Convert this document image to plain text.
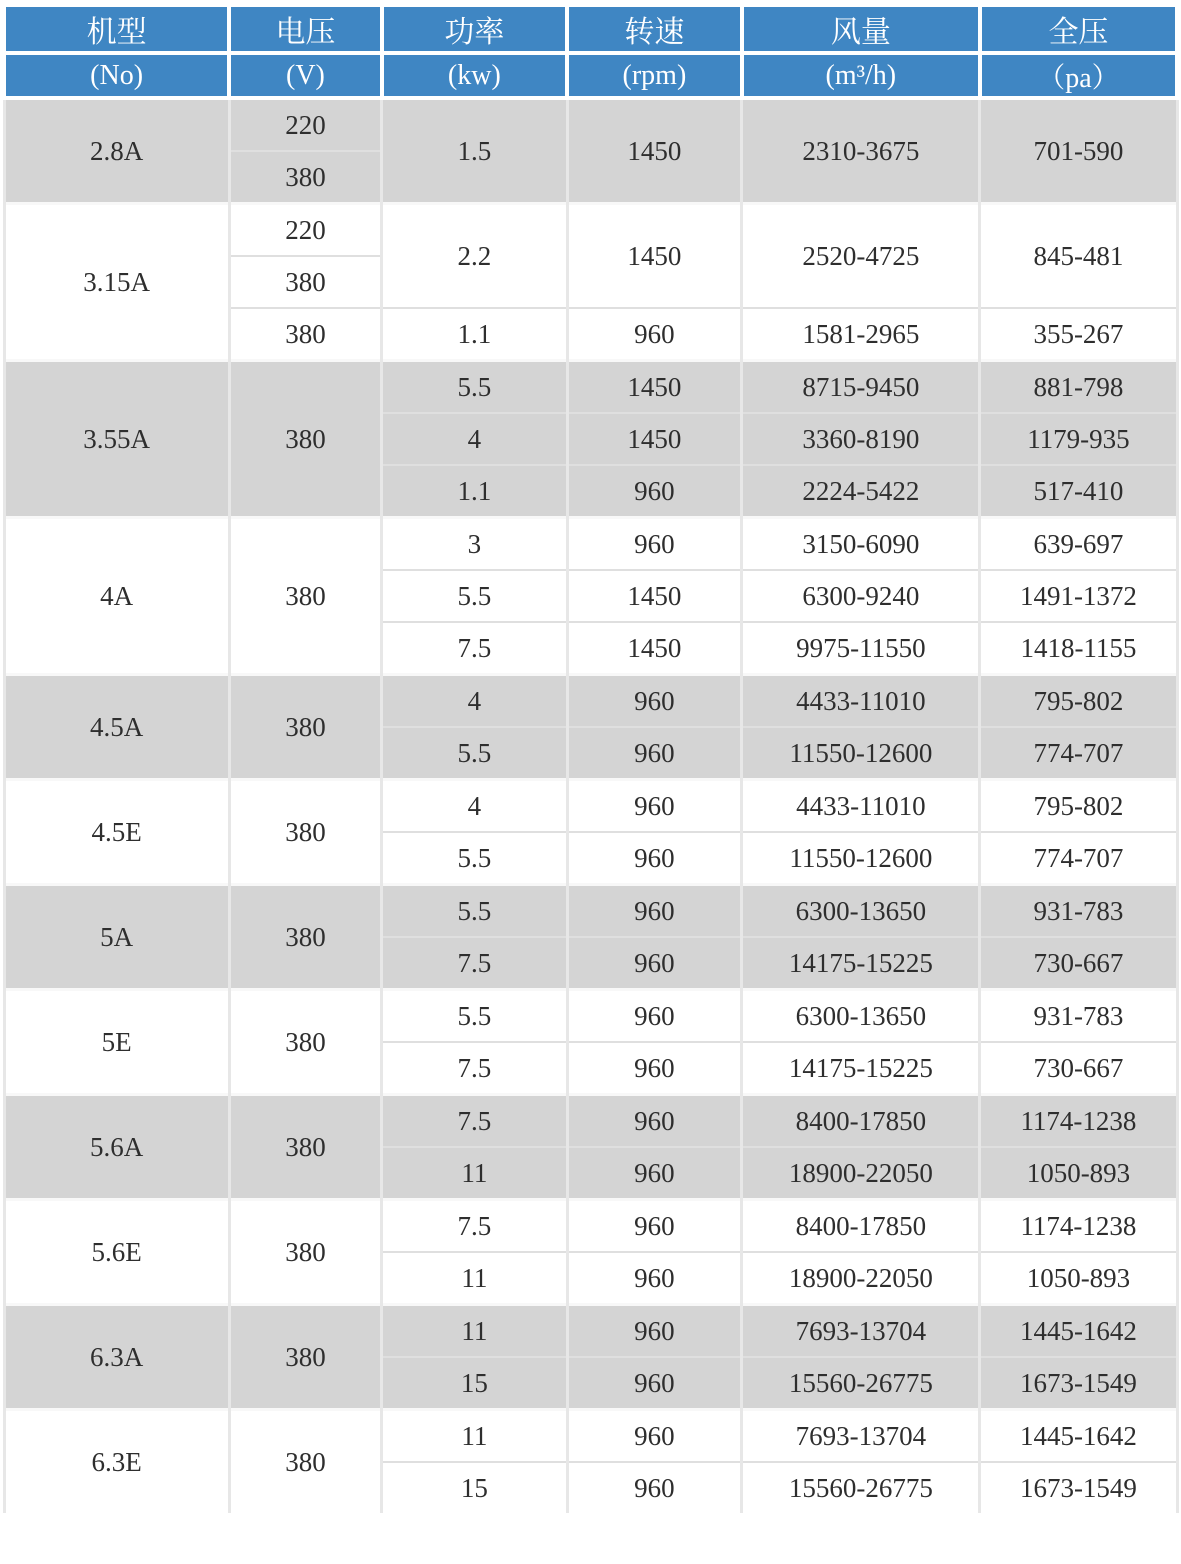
机型	电压	功率	转速	风量	全压
(No)	(V)	(kw)	(rpm)	(m³/h)	（pa）
2.8A	220	1.5	1450	2310-3675	701-590
	380				
3.15A	220	2.2	1450	2520-4725	845-481
	380				
	380	1.1	960	1581-2965	355-267
3.55A	380	5.5	1450	8715-9450	881-798
		4	1450	3360-8190	1179-935
		1.1	960	2224-5422	517-410
4A	380	3	960	3150-6090	639-697
		5.5	1450	6300-9240	1491-1372
		7.5	1450	9975-11550	1418-1155
4.5A	380	4	960	4433-11010	795-802
		5.5	960	11550-12600	774-707
4.5E	380	4	960	4433-11010	795-802
		5.5	960	11550-12600	774-707
5A	380	5.5	960	6300-13650	931-783
		7.5	960	14175-15225	730-667
5E	380	5.5	960	6300-13650	931-783
		7.5	960	14175-15225	730-667
5.6A	380	7.5	960	8400-17850	1174-1238
		11	960	18900-22050	1050-893
5.6E	380	7.5	960	8400-17850	1174-1238
		11	960	18900-22050	1050-893
6.3A	380	11	960	7693-13704	1445-1642
		15	960	15560-26775	1673-1549
6.3E	380	11	960	7693-13704	1445-1642
		15	960	15560-26775	1673-1549
